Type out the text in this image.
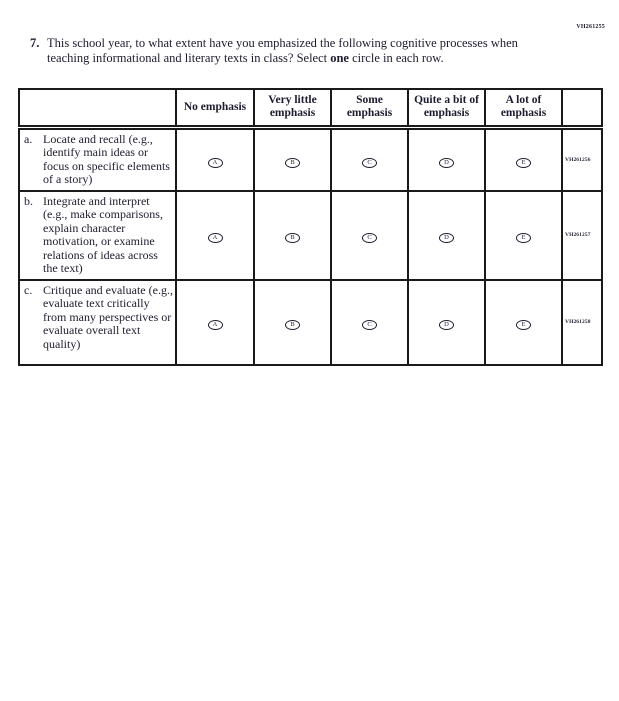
VH261255
7. This school year, to what extent have you emphasized the following cognitive processes when teaching informational and literary texts in class? Select one circle in each row.
	No emphasis	Very little emphasis	Some emphasis	Quite a bit of emphasis	A lot of emphasis	

a. Locate and recall (e.g., identify main ideas or focus on specific elements of a story)	A	B	C	D	E	VH261256

b. Integrate and interpret (e.g., make comparisons, explain character motivation, or examine relations of ideas across the text)	A	B	C	D	E	VH261257

c. Critique and evaluate (e.g., evaluate text critically from many perspectives or evaluate overall text quality)	A	B	C	D	E	VH261258
